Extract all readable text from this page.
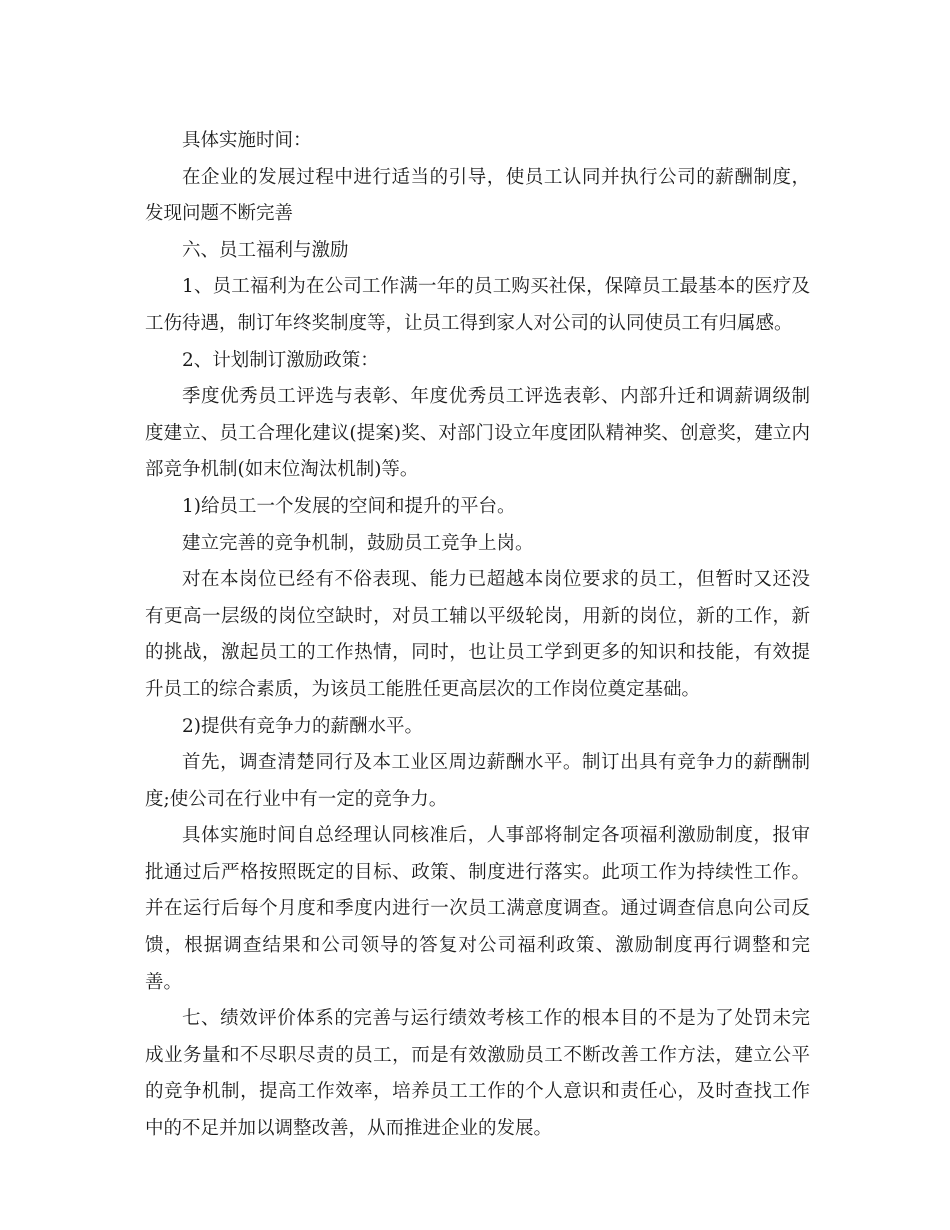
具体实施时间：

在企业的发展过程中进行适当的引导，使员工认同并执行公司的薪酬制度，发现问题不断完善

六、员工福利与激励

1、员工福利为在公司工作满一年的员工购买社保，保障员工最基本的医疗及工伤待遇，制订年终奖制度等，让员工得到家人对公司的认同使员工有归属感。

2、计划制订激励政策：

季度优秀员工评选与表彰、年度优秀员工评选表彰、内部升迁和调薪调级制度建立、员工合理化建议(提案)奖、对部门设立年度团队精神奖、创意奖，建立内部竞争机制(如末位淘汰机制)等。

1)给员工一个发展的空间和提升的平台。

建立完善的竞争机制，鼓励员工竞争上岗。

对在本岗位已经有不俗表现、能力已超越本岗位要求的员工，但暂时又还没有更高一层级的岗位空缺时，对员工辅以平级轮岗，用新的岗位，新的工作，新的挑战，激起员工的工作热情，同时，也让员工学到更多的知识和技能，有效提升员工的综合素质，为该员工能胜任更高层次的工作岗位奠定基础。

2)提供有竞争力的薪酬水平。

首先，调查清楚同行及本工业区周边薪酬水平。制订出具有竞争力的薪酬制度;使公司在行业中有一定的竞争力。

具体实施时间自总经理认同核准后，人事部将制定各项福利激励制度，报审批通过后严格按照既定的目标、政策、制度进行落实。此项工作为持续性工作。并在运行后每个月度和季度内进行一次员工满意度调查。通过调查信息向公司反馈，根据调查结果和公司领导的答复对公司福利政策、激励制度再行调整和完善。

七、绩效评价体系的完善与运行绩效考核工作的根本目的不是为了处罚未完成业务量和不尽职尽责的员工，而是有效激励员工不断改善工作方法，建立公平的竞争机制，提高工作效率，培养员工工作的个人意识和责任心，及时查找工作中的不足并加以调整改善，从而推进企业的发展。
